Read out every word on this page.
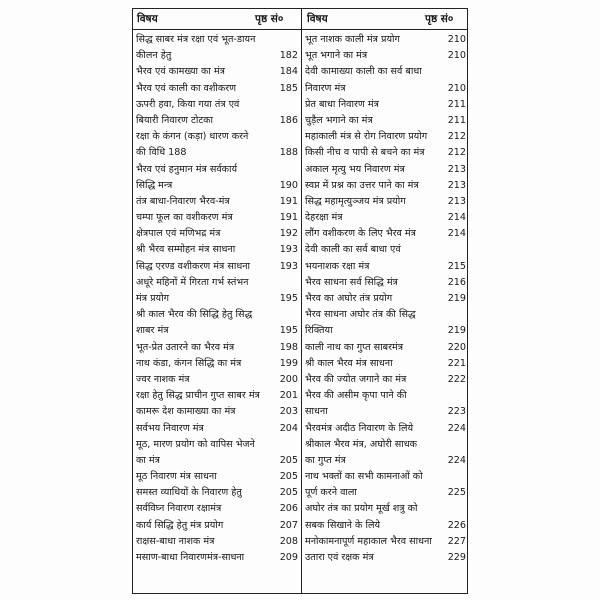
विषय	पृष्ठ सं० विषय	पृष्ठ सं०
सिद्ध साबर मंत्र रक्षा एवं भूत-डायन
कीलन हेतु	182
भैरव एवं कामख्या का मंत्र	184
भैरव एवं काली का वशीकरण	185
ऊपरी हवा, किया गया तंत्र एवं
बियारी निवारण टोटका	186
रक्षा के कंगन (कड़ा) धारण करने
की विधि 188	188
भैरव एवं हनुमान मंत्र सर्वकार्य
सिद्धि मन्त्र	190
तंत्र बाधा-निवारण भैरव-मंत्र	191
चम्पा फूल का वशीकरण मंत्र	191
क्षेत्रपाल एवं मणिभद्र मंत्र	192
श्री भैरव सम्मोहन मंत्र साधना	193
सिद्ध एरण्ड वशीकरण मंत्र साधना	193
अधूरे महिनों में गिरता गर्भ स्तंभन
मंत्र प्रयोग	195
श्री काल भैरव की सिद्धि हेतु सिद्ध
शाबर मंत्र	195
भूत-प्रेत उतारने का भैरव मंत्र	198
नाथ कंडा, कंगन सिद्धि का मंत्र	199
ज्वर नाशक मंत्र	200
रक्षा हेतु सिद्ध प्राचीन गुप्त साबर मंत्र 201
कामरू देश कामाख्या का मंत्र	203
सर्वभय निवारण मंत्र	204
मूठ, मारण प्रयोग को वापिस भेजने
का मंत्र	205
मूठ निवारण मंत्र साधना	205
समस्त व्याधियों के निवारण हेतु	205
सर्वविघ्न निवारण रक्षामंत्र	206
कार्य सिद्धि हेतु मंत्र प्रयोग	207
राक्षस-बाधा नाशक मंत्र	208
मसाण-बाधा निवारणमंत्र-साधना	209
भूत नाशक काली मंत्र प्रयोग	210
भूत भगाने का मंत्र	210
देवी कामाख्या काली का सर्व बाधा
निवारण मंत्र	210
प्रेत बाधा निवारण मंत्र	211
चुड़ैल भगाने का मंत्र	211
महाकाली मंत्र से रोग निवारण प्रयोग 212
किसी नीच व पापी से बचने का मंत्र 212
अकाल मृत्यु भय निवारण मंत्र	213
स्वप्न में प्रश्न का उत्तर पाने का मंत्र	213
सिद्ध महामृत्युञ्जय मंत्र प्रयोग	213
देहरक्षा मंत्र	214
लौंग वशीकरण के लिए भैरव मंत्र	214
देवी काली का सर्व बाधा एवं
भयनाशक रक्षा मंत्र	215
भैरव साधना सर्व सिद्धि मंत्र	216
भैरव का अघोर तंत्र प्रयोग	219
भैरव साधना अघोर तंत्र की सिद्ध
रिक्तिया	219
काली नाथ का गुप्त साबरमंत्र	220
श्री काल भैरव मंत्र साधना	221
भैरव की ज्योत जगाने का मंत्र	222
भैरव की असीम कृपा पाने की
साधना	223
भैरवमंत्र अदीठ निवारण के लिये	224
श्रीकाल भैरव मंत्र, अघोरी साधक
का गुप्त मंत्र	224
नाथ भक्तों का सभी कामनाओं को
पूर्ण करने वाला	225
अघोर तंत्र का प्रयोग मूर्ख शत्रु को
सबक सिखाने के लिये	226
मनोकामनापूर्ण महाकाल भैरव साधना 227
उतारा एवं रक्षक मंत्र	229
